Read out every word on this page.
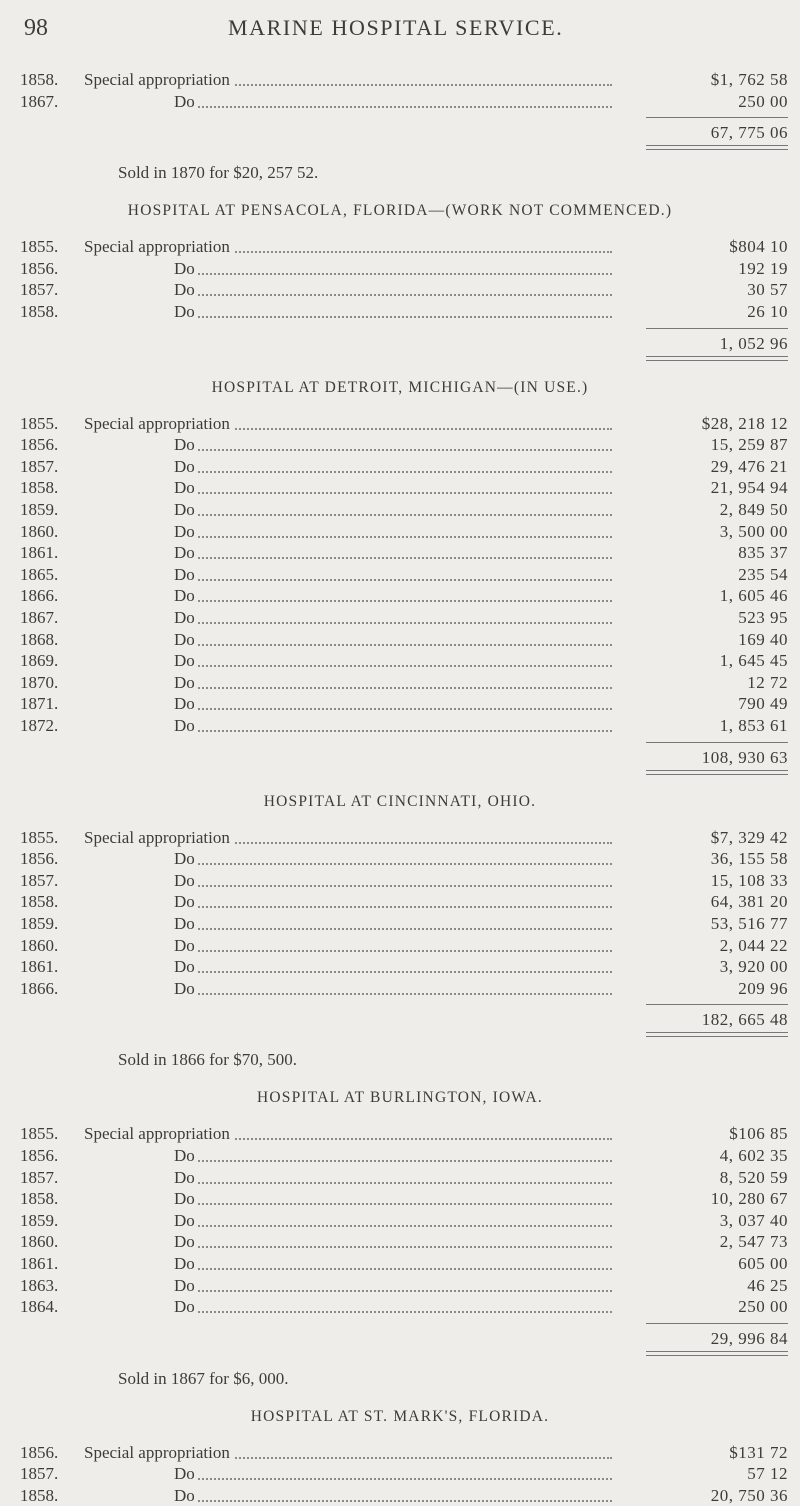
98	MARINE HOSPITAL SERVICE.
1858.	Special appropriation	$1, 762 58
1867.	Do	250 00
67, 775 06
Sold in 1870 for $20, 257 52.
HOSPITAL AT PENSACOLA, FLORIDA—(WORK NOT COMMENCED.)
1855.	Special appropriation	$804 10
1856.	Do	192 19
1857.	Do	30 57
1858.	Do	26 10
1, 052 96
HOSPITAL AT DETROIT, MICHIGAN—(IN USE.)
1855.	Special appropriation	$28, 218 12
1856.	Do	15, 259 87
1857.	Do	29, 476 21
1858.	Do	21, 954 94
1859.	Do	2, 849 50
1860.	Do	3, 500 00
1861.	Do	835 37
1865.	Do	235 54
1866.	Do	1, 605 46
1867.	Do	523 95
1868.	Do	169 40
1869.	Do	1, 645 45
1870.	Do	12 72
1871.	Do	790 49
1872.	Do	1, 853 61
108, 930 63
HOSPITAL AT CINCINNATI, OHIO.
1855.	Special appropriation	$7, 329 42
1856.	Do	36, 155 58
1857.	Do	15, 108 33
1858.	Do	64, 381 20
1859.	Do	53, 516 77
1860.	Do	2, 044 22
1861.	Do	3, 920 00
1866.	Do	209 96
182, 665 48
Sold in 1866 for $70, 500.
HOSPITAL AT BURLINGTON, IOWA.
1855.	Special appropriation	$106 85
1856.	Do	4, 602 35
1857.	Do	8, 520 59
1858.	Do	10, 280 67
1859.	Do	3, 037 40
1860.	Do	2, 547 73
1861.	Do	605 00
1863.	Do	46 25
1864.	Do	250 00
29, 996 84
Sold in 1867 for $6, 000.
HOSPITAL AT ST. MARK'S, FLORIDA.
1856.	Special appropriation	$131 72
1857.	Do	57 12
1858.	Do	20, 750 36
